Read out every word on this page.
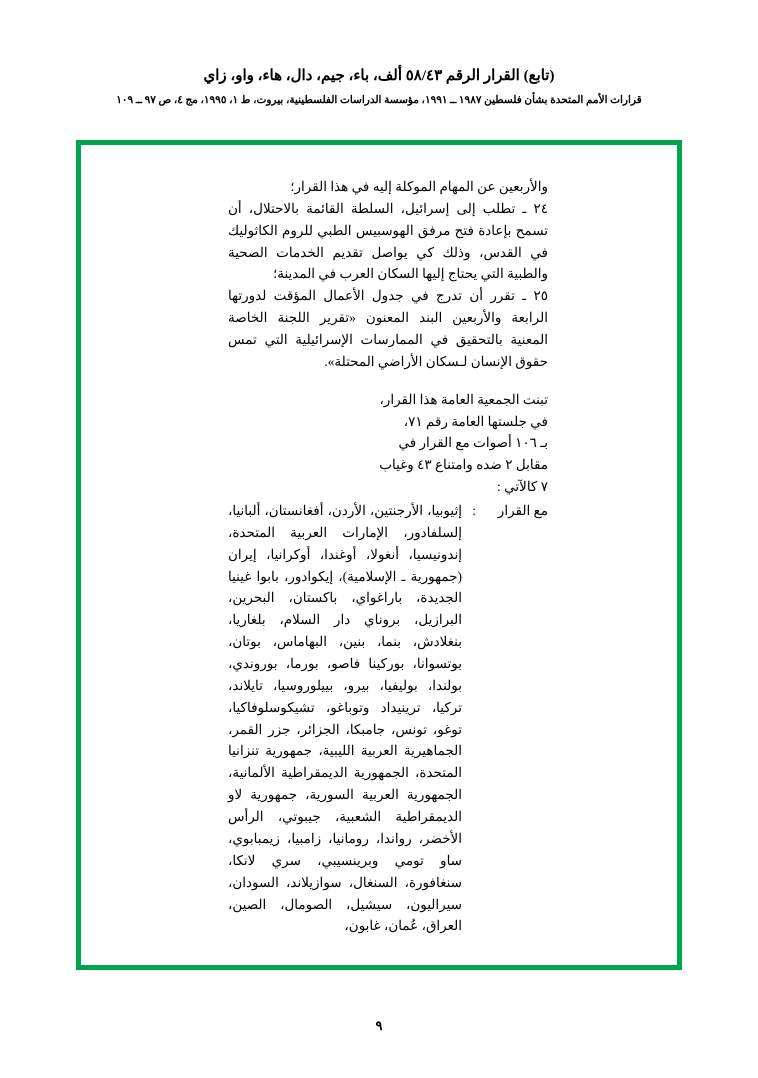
(تابع) القرار الرقم ٥٨/٤٣ ألف، باء، جيم، دال، هاء، واو، زاي
قرارات الأمم المتحدة بشأن فلسطين ١٩٨٧ ــ ١٩٩١، مؤسسة الدراسات الفلسطينية، بيروت، ط ١، ١٩٩٥، مج ٤، ص ٩٧ ــ ١٠٩

والأربعين عن المهام الموكلة إليه في هذا القرار؛

٢٤ ـ تطلب إلى إسرائيل، السلطة القائمة بالاحتلال، أن تسمح بإعادة فتح مرفق الهوسبيس الطبي للروم الكاثوليك في القدس، وذلك كي يواصل تقديم الخدمات الصحية والطبية التي يحتاج إليها السكان العرب في المدينة؛

٢٥ ـ تقرر أن تدرج في جدول الأعمال المؤقت لدورتها الرابعة والأربعين البند المعنون «تقرير اللجنة الخاصة المعنية بالتحقيق في الممارسات الإسرائيلية التي تمس حقوق الإنسان لـسكان الأراضي المحتلة».

تبنت الجمعية العامة هذا القرار،
في جلستها العامة رقم ٧١،
بـ ١٠٦ أصوات مع القرار في
مقابل ٢ ضده وامتناع ٤٣ وغياب
٧ كالآتي :
مع القرار
:
إثيوبيا، الأرجنتين، الأردن، أفغانستان، ألبانيا، إلسلفادور، الإمارات العربية المتحدة، إندونيسيا، أنغولا، أوغندا، أوكرانيا، إيران (جمهورية ـ الإسلامية)، إيكوادور، بابوا غينيا الجديدة، باراغواي، باكستان، البحرين، البرازيل، بروناي دار السلام، بلغاريا، بنغلادش، بنما، بنين، البهاماس، بوتان، بوتسوانا، بوركينا فاصو، بورما، بوروندي، بولندا، بوليفيا، بيرو، بييلوروسيا، تايلاند، تركيا، ترينيداد وتوباغو، تشيكوسلوفاكيا، توغو، تونس، جامبكا، الجزائر، جزر القمر، الجماهيرية العربية الليبية، جمهورية تنزانيا المتحدة، الجمهورية الديمقراطية الألمانية، الجمهورية العربية السورية، جمهورية لاو الديمقراطية الشعبية، جيبوتي، الرأس الأخضر، رواندا، رومانيا، زامبيا، زيمبابوي، ساو تومي وبرينسيبي، سري لانكا، سنغافورة، السنغال، سوازيلاند، السودان، سيراليون، سيشيل، الصومال، الصين، العراق، عُمان، غابون،
٩
